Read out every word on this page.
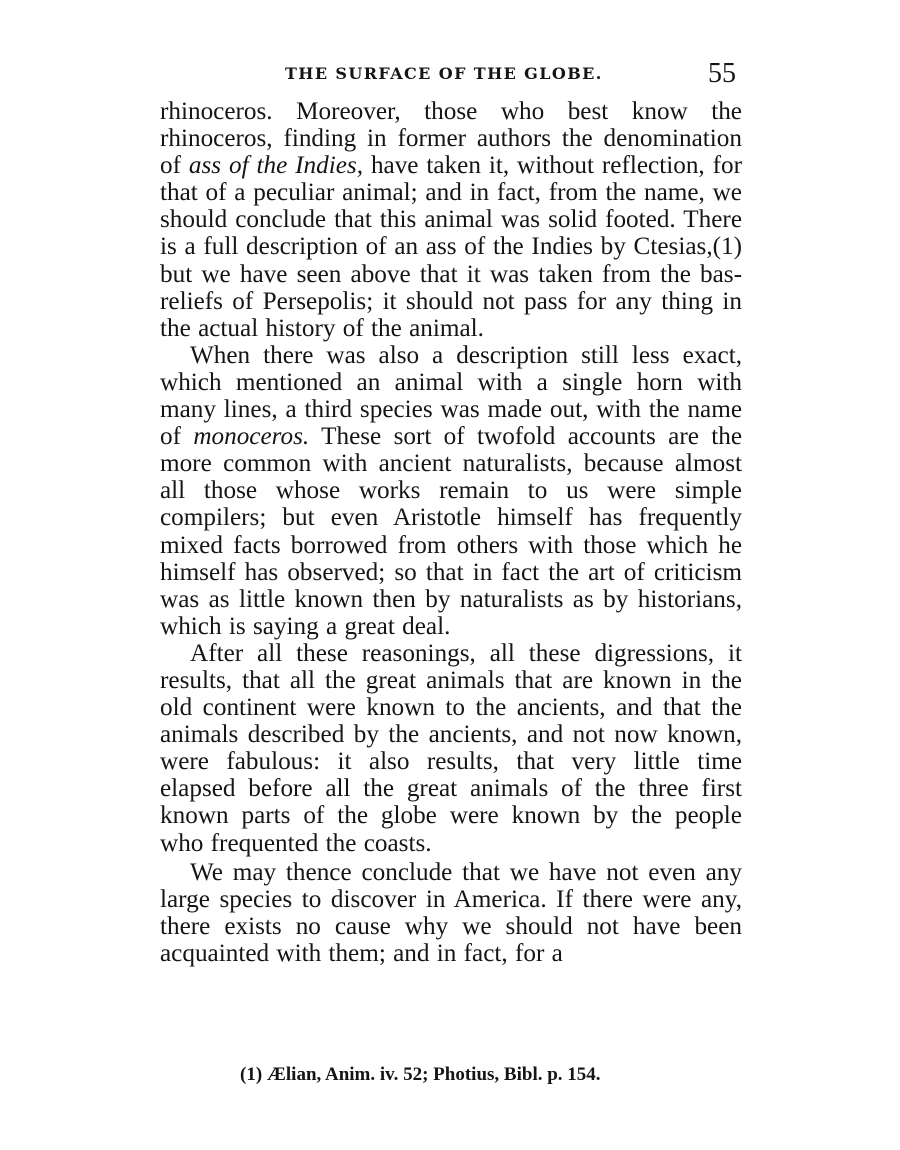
THE SURFACE OF THE GLOBE.	55

rhinoceros. Moreover, those who best know the rhinoceros, finding in former authors the denomination of ass of the Indies, have taken it, without reflection, for that of a peculiar animal; and in fact, from the name, we should conclude that this animal was solid footed. There is a full description of an ass of the Indies by Ctesias,(1) but we have seen above that it was taken from the bas-reliefs of Persepolis; it should not pass for any thing in the actual history of the animal.

When there was also a description still less exact, which mentioned an animal with a single horn with many lines, a third species was made out, with the name of monoceros. These sort of twofold accounts are the more common with ancient naturalists, because almost all those whose works remain to us were simple compilers; but even Aristotle himself has frequently mixed facts borrowed from others with those which he himself has observed; so that in fact the art of criticism was as little known then by naturalists as by historians, which is saying a great deal.

After all these reasonings, all these digressions, it results, that all the great animals that are known in the old continent were known to the ancients, and that the animals described by the ancients, and not now known, were fabulous: it also results, that very little time elapsed before all the great animals of the three first known parts of the globe were known by the people who frequented the coasts.

We may thence conclude that we have not even any large species to discover in America. If there were any, there exists no cause why we should not have been acquainted with them; and in fact, for a

(1) Ælian, Anim. iv. 52; Photius, Bibl. p. 154.
